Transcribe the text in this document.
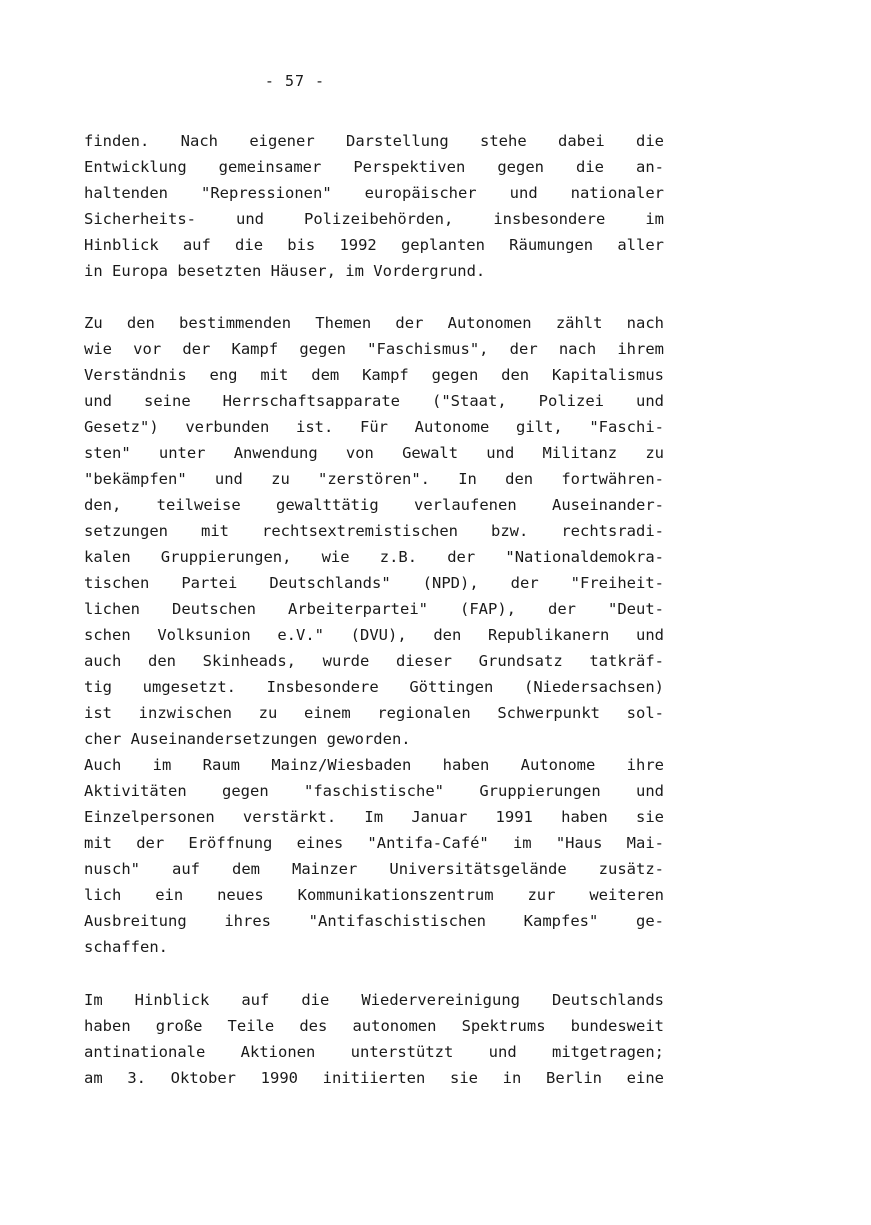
- 57 -
finden. Nach eigener Darstellung stehe dabei die
Entwicklung gemeinsamer Perspektiven gegen die an-
haltenden "Repressionen" europäischer und nationaler
Sicherheits- und Polizeibehörden, insbesondere im
Hinblick auf die bis 1992 geplanten Räumungen aller
in Europa besetzten Häuser, im Vordergrund.
Zu den bestimmenden Themen der Autonomen zählt nach
wie vor der Kampf gegen "Faschismus", der nach ihrem
Verständnis eng mit dem Kampf gegen den Kapitalismus
und seine Herrschaftsapparate ("Staat, Polizei und
Gesetz") verbunden ist. Für Autonome gilt, "Faschi-
sten" unter Anwendung von Gewalt und Militanz zu
"bekämpfen" und zu "zerstören". In den fortwähren-
den, teilweise gewalttätig verlaufenen Auseinander-
setzungen mit rechtsextremistischen bzw. rechtsradi-
kalen Gruppierungen, wie z.B. der "Nationaldemokra-
tischen Partei Deutschlands" (NPD), der "Freiheit-
lichen Deutschen Arbeiterpartei" (FAP), der "Deut-
schen Volksunion e.V." (DVU), den Republikanern und
auch den Skinheads, wurde dieser Grundsatz tatkräf-
tig umgesetzt. Insbesondere Göttingen (Niedersachsen)
ist inzwischen zu einem regionalen Schwerpunkt sol-
cher Auseinandersetzungen geworden.
Auch im Raum Mainz/Wiesbaden haben Autonome ihre
Aktivitäten gegen "faschistische" Gruppierungen und
Einzelpersonen verstärkt. Im Januar 1991 haben sie
mit der Eröffnung eines "Antifa-Café" im "Haus Mai-
nusch" auf dem Mainzer Universitätsgelände zusätz-
lich ein neues Kommunikationszentrum zur weiteren
Ausbreitung ihres "Antifaschistischen Kampfes" ge-
schaffen.
Im Hinblick auf die Wiedervereinigung Deutschlands
haben große Teile des autonomen Spektrums bundesweit
antinationale Aktionen unterstützt und mitgetragen;
am 3. Oktober 1990 initiierten sie in Berlin eine
